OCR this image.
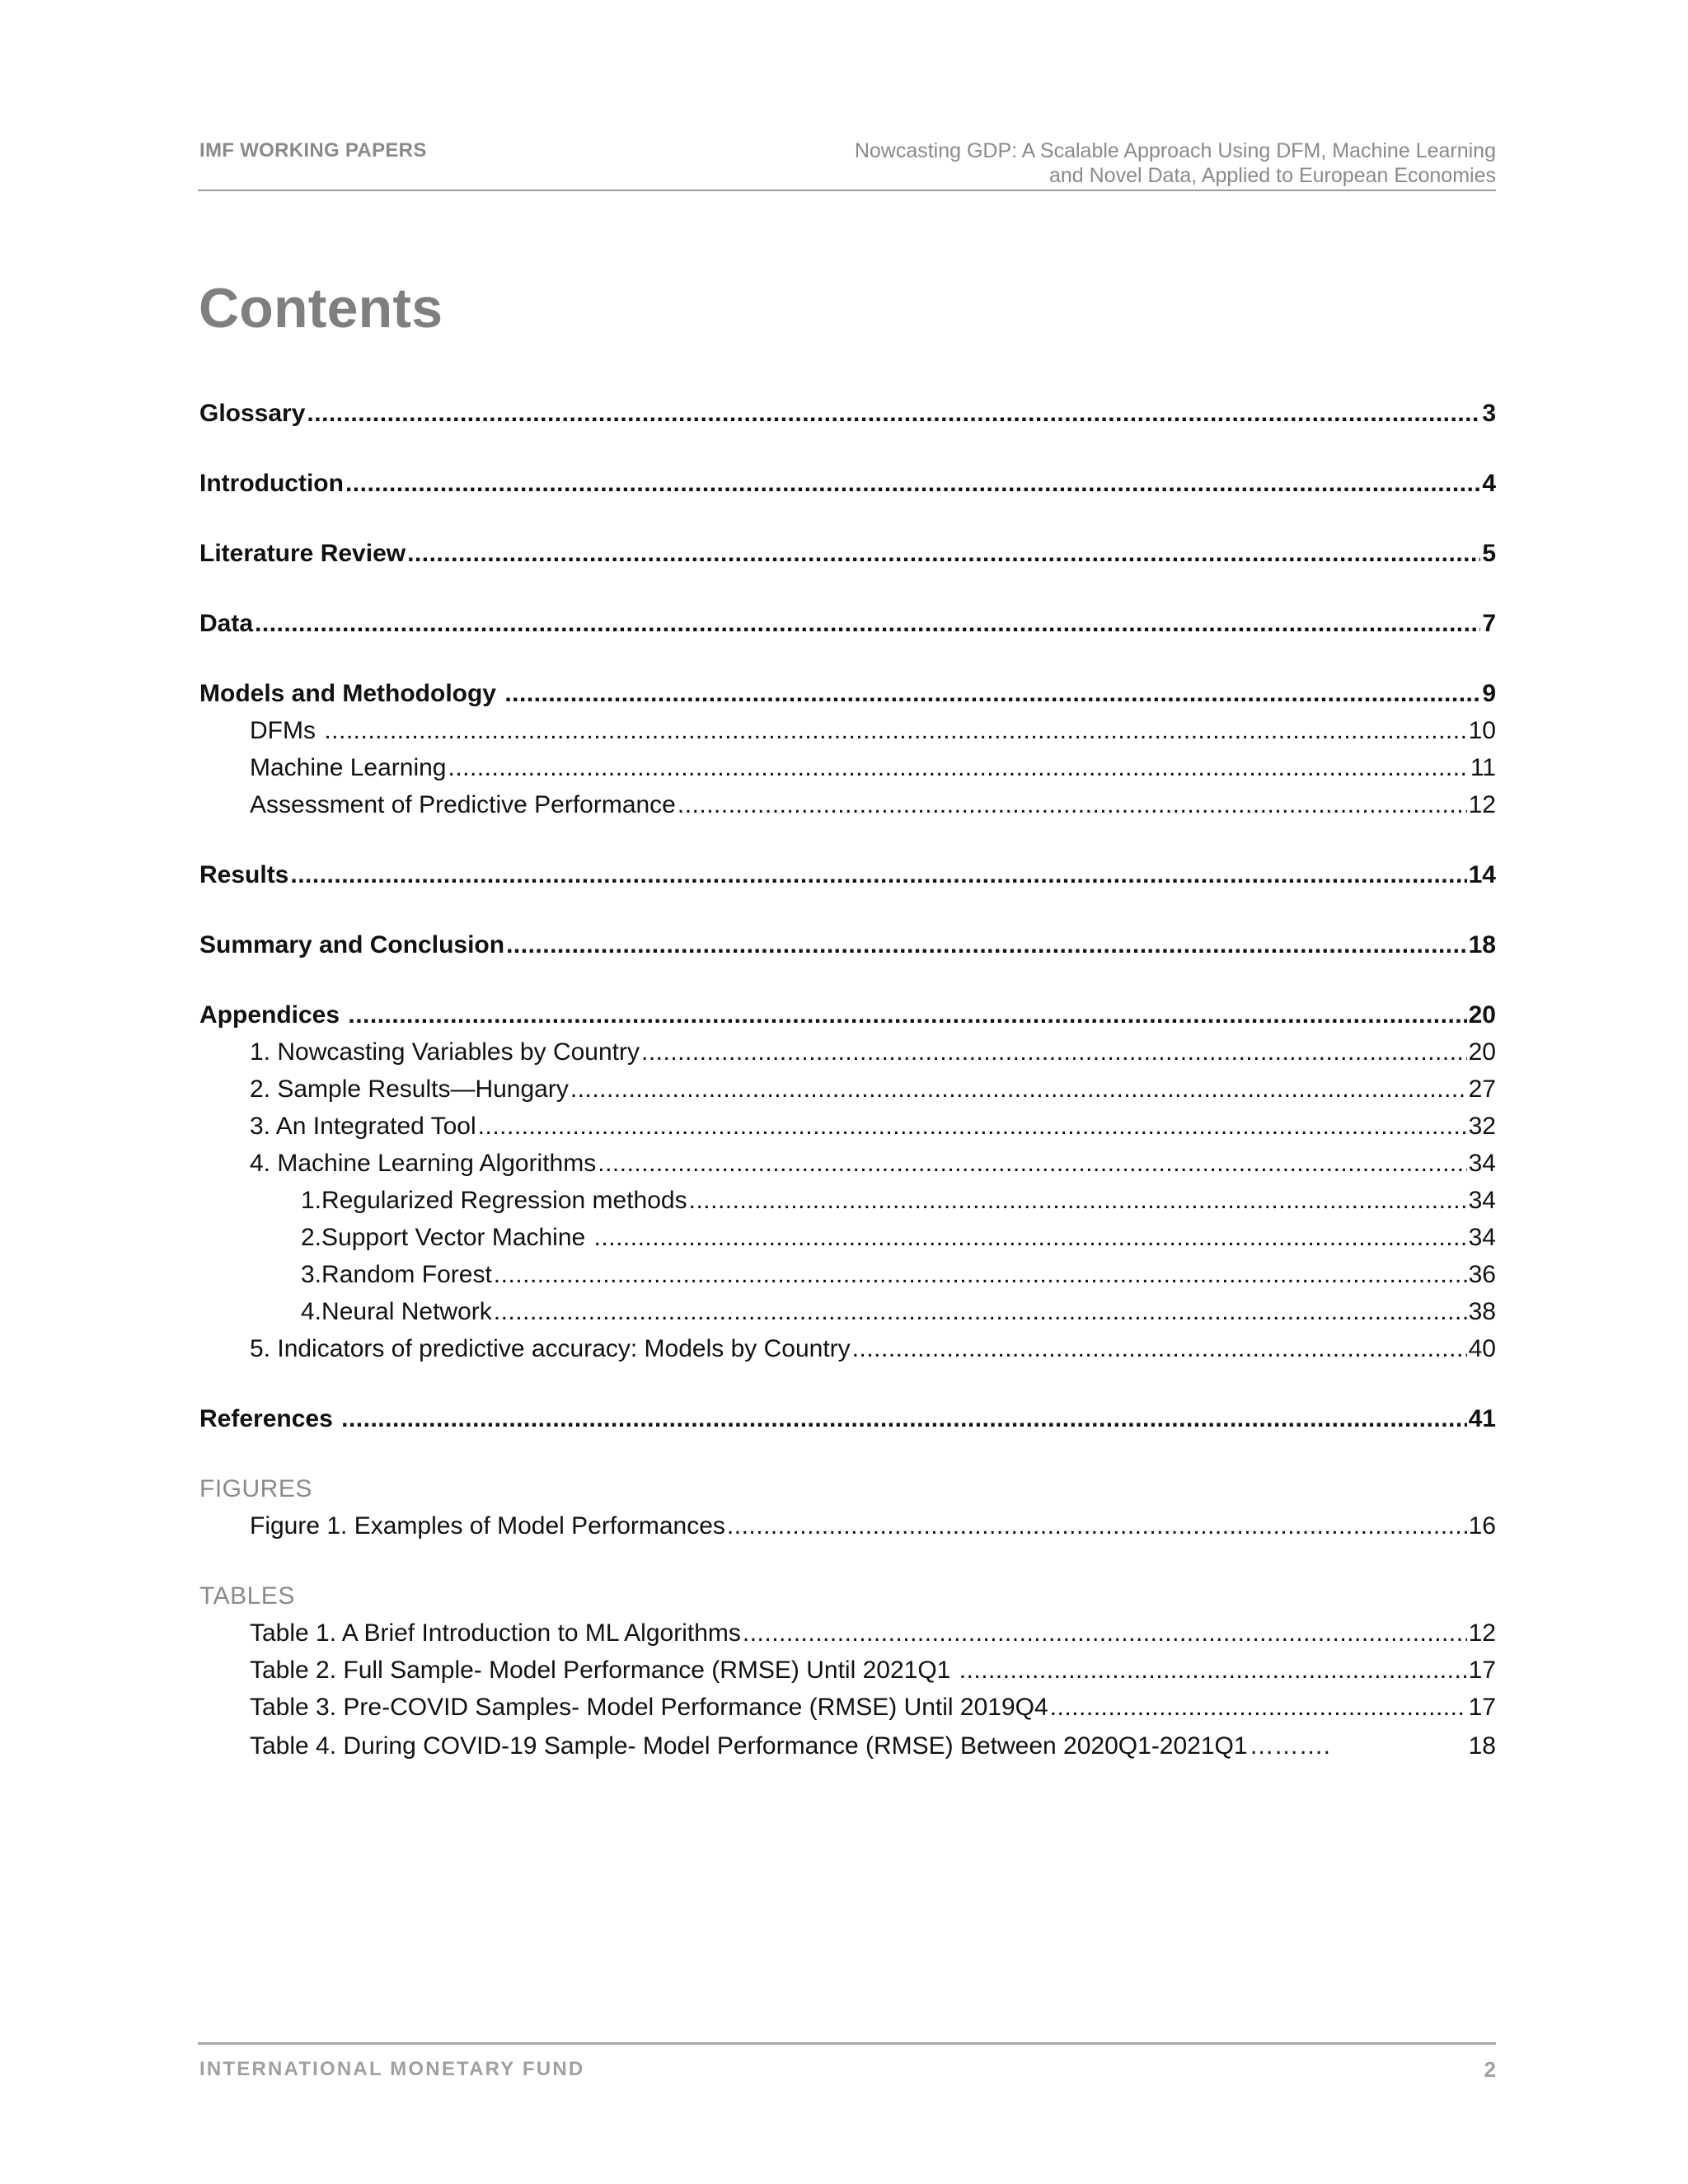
IMF WORKING PAPERS	Nowcasting GDP: A Scalable Approach Using DFM, Machine Learning
and Novel Data, Applied to European Economies
Contents
Glossary .....	3
Introduction .....	4
Literature Review .....	5
Data .....	7
Models and Methodology .....	9
DFMs .....	10
Machine Learning .....	11
Assessment of Predictive Performance .....	12
Results .....	14
Summary and Conclusion .....	18
Appendices .....	20
1. Nowcasting Variables by Country .....	20
2. Sample Results—Hungary .....	27
3. An Integrated Tool .....	32
4. Machine Learning Algorithms .....	34
1. Regularized Regression methods .....	34
2. Support Vector Machine .....	34
3. Random Forest .....	36
4. Neural Network .....	38
5. Indicators of predictive accuracy: Models by Country .....	40
References .....	41
FIGURES
Figure 1. Examples of Model Performances .....	16
TABLES
Table 1. A Brief Introduction to ML Algorithms .....	12
Table 2. Full Sample- Model Performance (RMSE) Until 2021Q1 .....	17
Table 3. Pre-COVID Samples- Model Performance (RMSE) Until 2019Q4 .....	17
Table 4. During COVID-19 Sample- Model Performance (RMSE) Between 2020Q1-2021Q1 ……….	18
INTERNATIONAL MONETARY FUND	2
